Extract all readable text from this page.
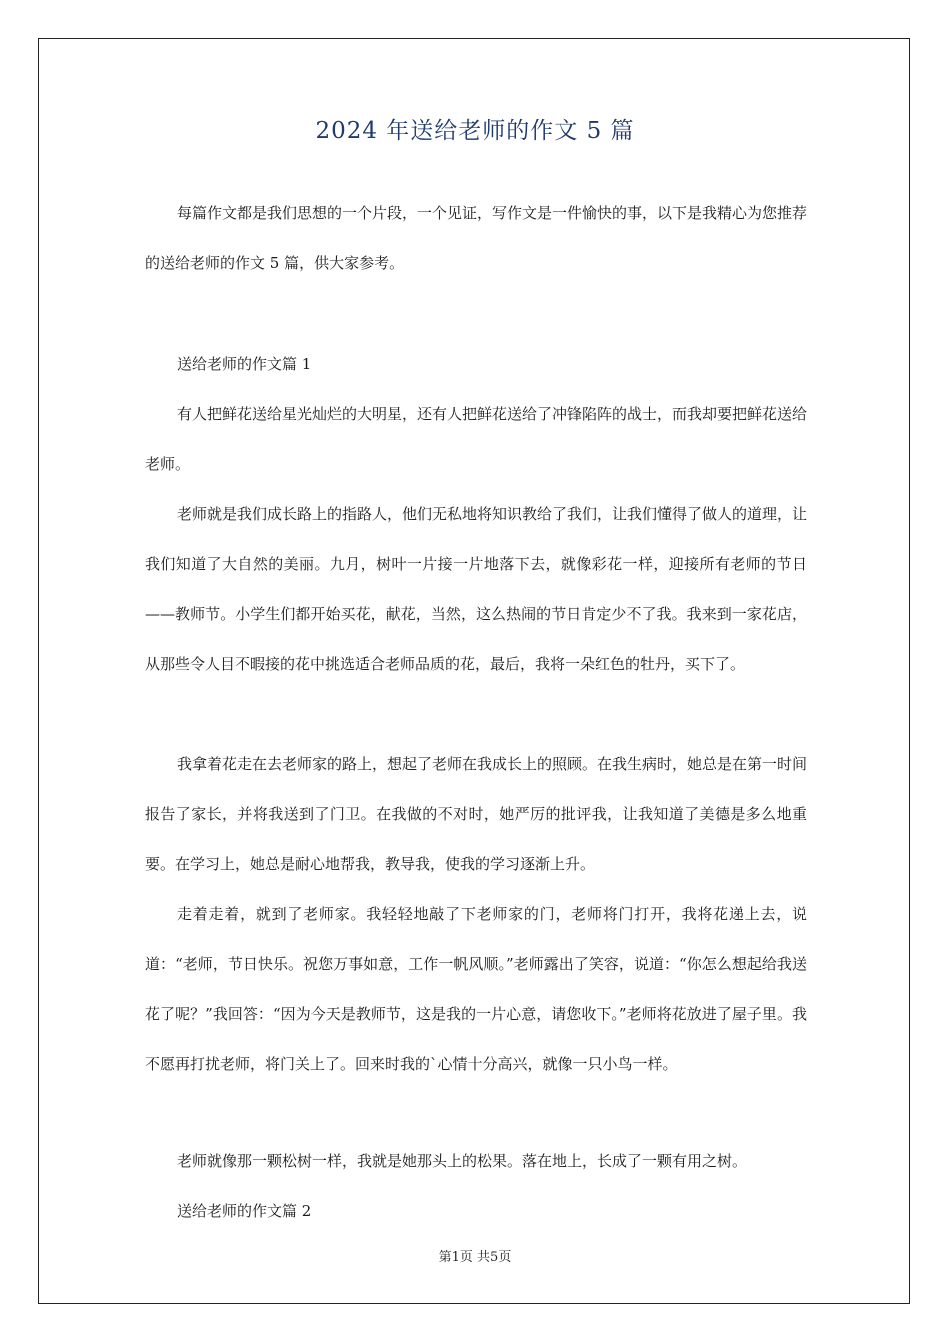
2024 年送给老师的作文 5 篇
每篇作文都是我们思想的一个片段，一个见证，写作文是一件愉快的事，以下是我精心为您推荐的送给老师的作文 5 篇，供大家参考。
送给老师的作文篇 1
有人把鲜花送给星光灿烂的大明星，还有人把鲜花送给了冲锋陷阵的战士，而我却要把鲜花送给老师。
老师就是我们成长路上的指路人，他们无私地将知识教给了我们，让我们懂得了做人的道理，让我们知道了大自然的美丽。九月，树叶一片接一片地落下去，就像彩花一样，迎接所有老师的节日——教师节。小学生们都开始买花，献花，当然，这么热闹的节日肯定少不了我。我来到一家花店，从那些令人目不暇接的花中挑选适合老师品质的花，最后，我将一朵红色的牡丹，买下了。
我拿着花走在去老师家的路上，想起了老师在我成长上的照顾。在我生病时，她总是在第一时间报告了家长，并将我送到了门卫。在我做的不对时，她严厉的批评我，让我知道了美德是多么地重要。在学习上，她总是耐心地帮我，教导我，使我的学习逐渐上升。
走着走着，就到了老师家。我轻轻地敲了下老师家的门，老师将门打开，我将花递上去，说道：“老师，节日快乐。祝您万事如意，工作一帆风顺。”老师露出了笑容，说道：“你怎么想起给我送花了呢？”我回答：“因为今天是教师节，这是我的一片心意，请您收下。”老师将花放进了屋子里。我不愿再打扰老师，将门关上了。回来时我的`心情十分高兴，就像一只小鸟一样。
老师就像那一颗松树一样，我就是她那头上的松果。落在地上，长成了一颗有用之树。
送给老师的作文篇 2
第1页 共5页
